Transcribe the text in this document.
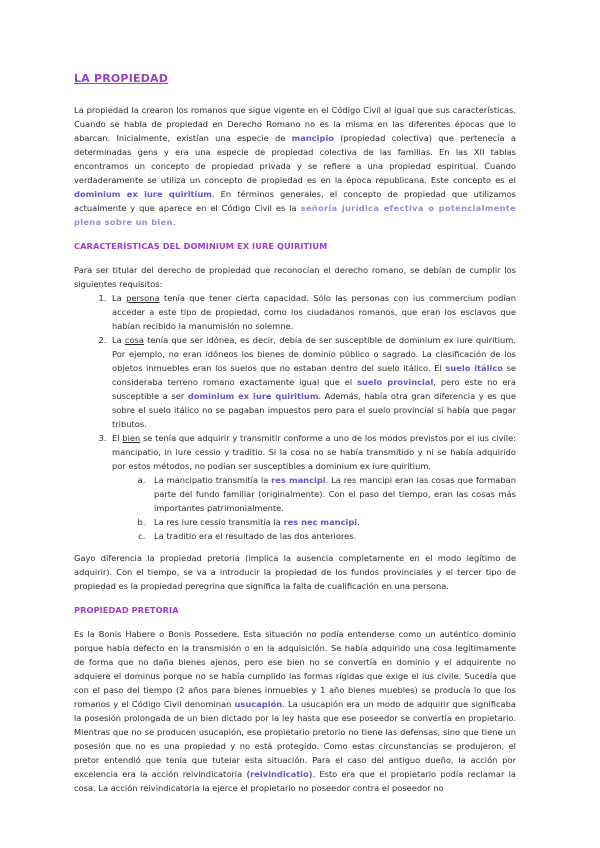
LA PROPIEDAD

La propiedad la crearon los romanos que sigue vigente en el Código Civil al igual que sus características. Cuando se habla de propiedad en Derecho Romano no es la misma en las diferentes épocas que lo abarcan. Inicialmente, existían una especie de mancipio (propiedad colectiva) que pertenecía a determinadas gens y era una especie de propiedad colectiva de las familias. En las XII tablas encontramos un concepto de propiedad privada y se refiere a una propiedad espiritual. Cuando verdaderamente se utiliza un concepto de propiedad es en la época republicana. Este concepto es el dominium ex iure quiritium. En términos generales, el concepto de propiedad que utilizamos actualmente y que aparece en el Código Civil es la señoría jurídica efectiva o potencialmente plena sobre un bien.

CARACTERÍSTICAS DEL DOMINIUM EX IURE QUIRITIUM

Para ser titular del derecho de propiedad que reconocían el derecho romano, se debían de cumplir los siguientes requisitos:

1. La persona tenía que tener cierta capacidad. Sólo las personas con ius commercium podían acceder a este tipo de propiedad, como los ciudadanos romanos, que eran los esclavos que habían recibido la manumisión no solemne.
2. La cosa tenía que ser idónea, es decir, debía de ser susceptible de dominium ex iure quiritium. Por ejemplo, no eran idóneos los bienes de dominio público o sagrado. La clasificación de los objetos inmuebles eran los suelos que no estaban dentro del suelo itálico. El suelo itálico se consideraba terreno romano exactamente igual que el suelo provincial, pero este no era susceptible a ser dominium ex iure quiritium. Además, había otra gran diferencia y es que sobre el suelo itálico no se pagaban impuestos pero para el suelo provincial sí había que pagar tributos.
3. El bien se tenía que adquirir y transmitir conforme a uno de los modos previstos por el ius civile: mancipatio, in iure cessio y traditio. Si la cosa no se había transmitido y ni se había adquirido por estos métodos, no podían ser susceptibles a dominium ex iure quiritium.
a. La mancipatio transmitía la res mancipi. La res mancipi eran las cosas que formaban parte del fundo familiar (originalmente). Con el paso del tiempo, eran las cosas más importantes patrimonialmente.
b. La res iure cessio transmitía la res nec mancipi.
c. La traditio era el resultado de las dos anteriores.

Gayo diferencia la propiedad pretoria (implica la ausencia completamente en el modo legítimo de adquirir). Con el tiempo, se va a introducir la propiedad de los fundos provinciales y el tercer tipo de propiedad es la propiedad peregrina que significa la falta de cualificación en una persona.

PROPIEDAD PRETORIA

Es la Bonis Habere o Bonis Possedere. Esta situación no podía entenderse como un auténtico dominio porque había defecto en la transmisión o en la adquisición. Se había adquirido una cosa legítimamente de forma que no daña bienes ajenos, pero ese bien no se convertía en dominio y el adquirente no adquiere el dominus porque no se había cumplido las formas rígidas que exige el ius civile. Sucedía que con el paso del tiempo (2 años para bienes inmuebles y 1 año bienes muebles) se producía lo que los romanos y el Código Civil denominan usucapión. La usucapión era un modo de adquirir que significaba la posesión prolongada de un bien dictado por la ley hasta que ese poseedor se convertía en propietario. Mientras que no se producen usucapión, ese propietario pretorio no tiene las defensas, sino que tiene un posesión que no es una propiedad y no está protegido. Como estas circunstancias se produjeron, el pretor entendió que tenía que tutelar esta situación. Para el caso del antiguo dueño, la acción por excelencia era la acción reivindicatoria (reivindicatio). Esto era que el propietario podía reclamar la cosa. La acción reivindicatoria la ejerce el propietario no poseedor contra el poseedor no
